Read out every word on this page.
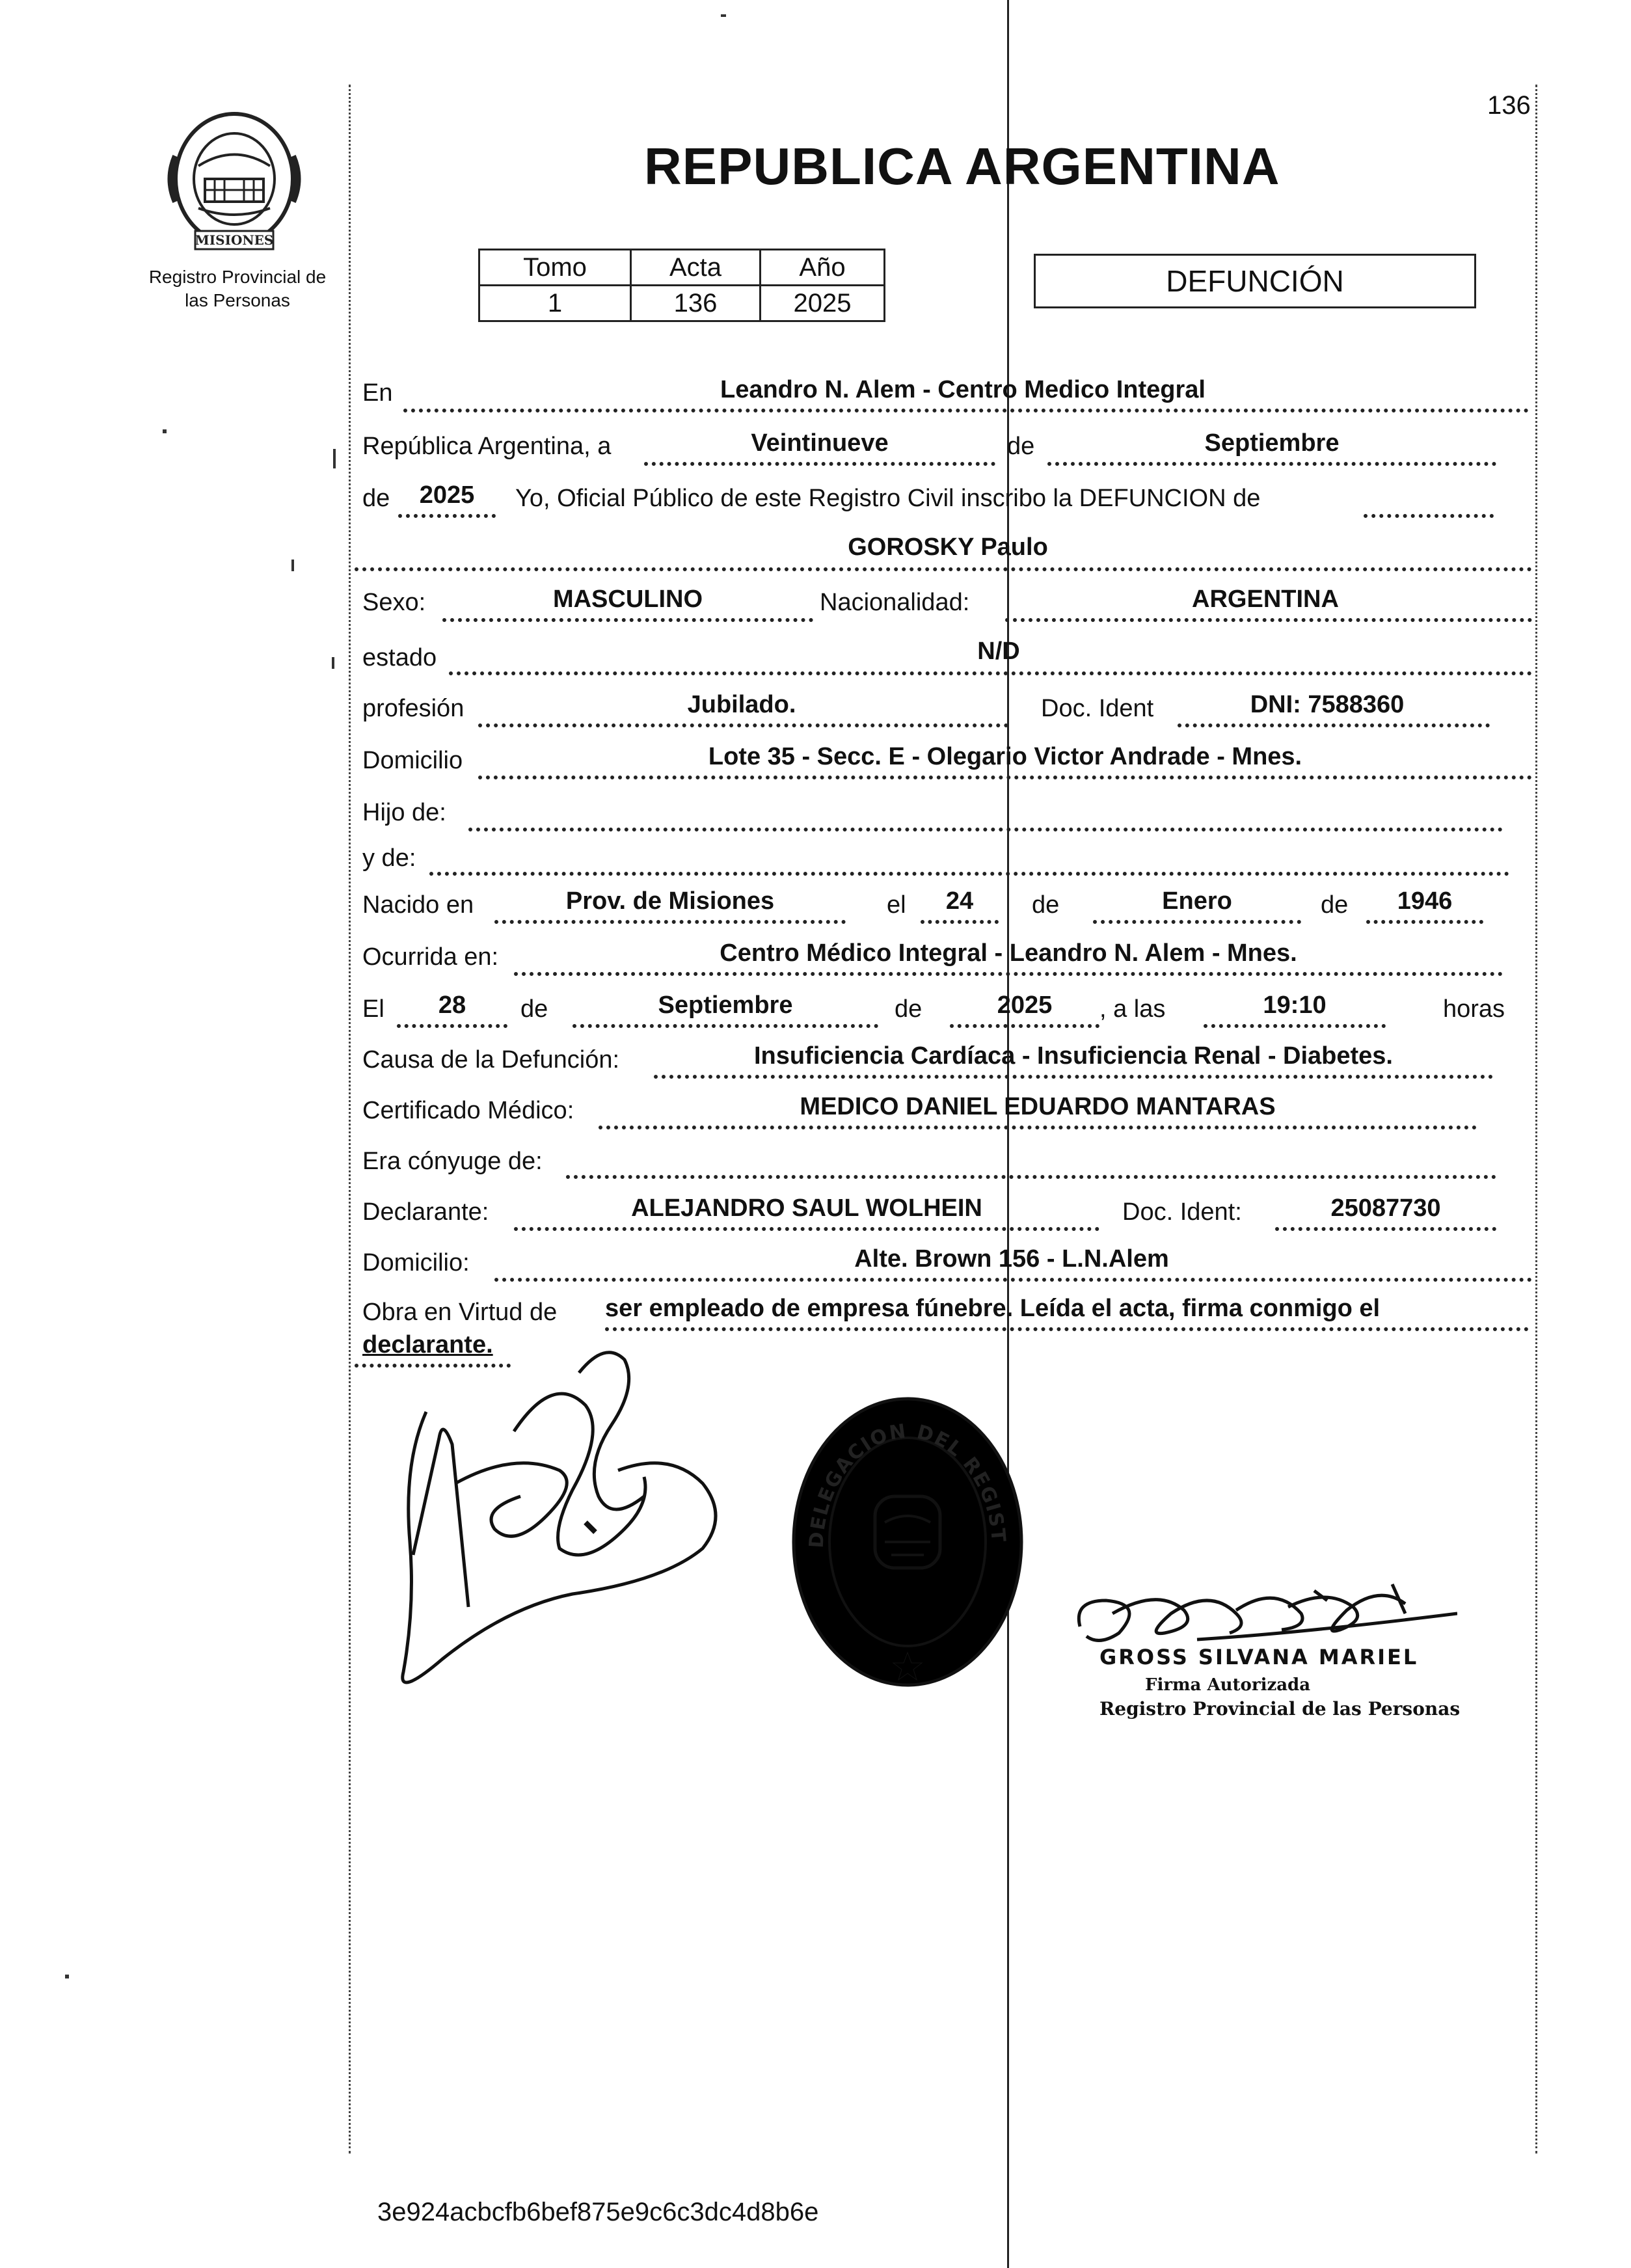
136
MISIONES
Registro Provincial de
las Personas
REPUBLICA ARGENTINA
Tomo	Acta	Año
1	136	2025
DEFUNCIÓN
En	Leandro N. Alem - Centro Medico Integral
República Argentina, a	Veintinueve	de	Septiembre
de	2025	Yo, Oficial Público de este Registro Civil inscribo la DEFUNCION de
GOROSKY Paulo
Sexo:	MASCULINO	Nacionalidad:	ARGENTINA
estado	N/D
profesión	Jubilado.	Doc. Ident	DNI: 7588360
Domicilio	Lote 35 - Secc. E - Olegario Victor Andrade - Mnes.
Hijo de:
y de:
Nacido en	Prov. de Misiones	el	24	de	Enero	de	1946
Ocurrida en:	Centro Médico Integral - Leandro N. Alem - Mnes.
El	28	de	Septiembre	de	2025	, a las	19:10	horas
Causa de la Defunción:	Insuficiencia Cardíaca - Insuficiencia Renal - Diabetes.
Certificado Médico:	MEDICO DANIEL EDUARDO MANTARAS
Era cónyuge de:
Declarante:	ALEJANDRO SAUL WOLHEIN	Doc. Ident:	25087730
Domicilio:	Alte. Brown 156 - L.N.Alem
Obra en Virtud de ser empleado de empresa fúnebre. Leída el acta, firma conmigo el
declarante.
DELEGACION DEL REGIST
GROSS SILVANA MARIEL
Firma Autorizada
Registro Provincial de las Personas
3e924acbcfb6bef875e9c6c3dc4d8b6e
